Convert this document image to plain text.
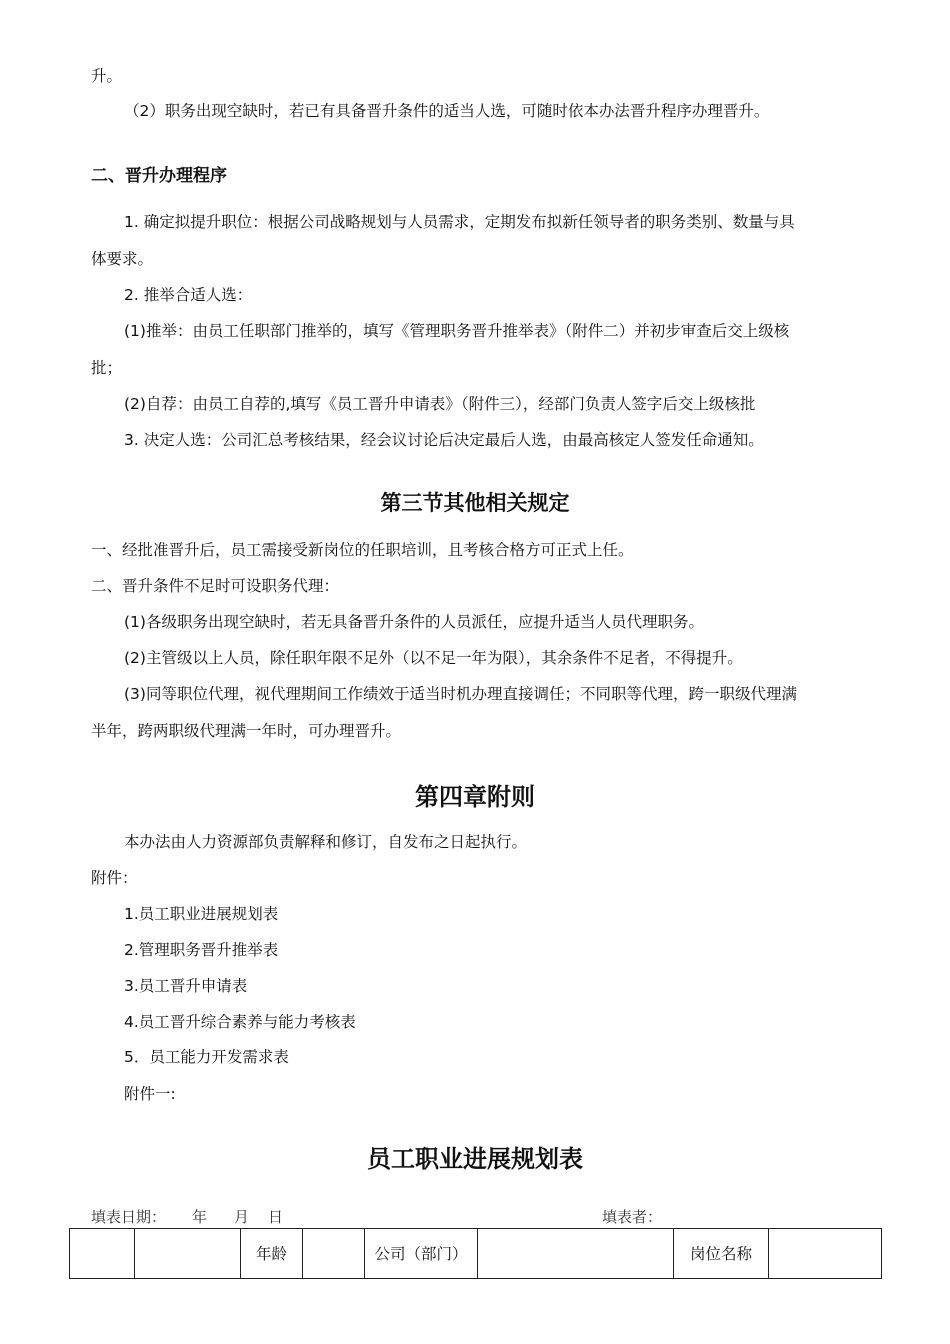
升。
（2）职务出现空缺时，若已有具备晋升条件的适当人选，可随时依本办法晋升程序办理晋升。
二、晋升办理程序
1. 确定拟提升职位：根据公司战略规划与人员需求，定期发布拟新任领导者的职务类别、数量与具
体要求。
2. 推举合适人选：
(1)推举：由员工任职部门推举的，填写《管理职务晋升推举表》（附件二）并初步审查后交上级核
批；
(2)自荐：由员工自荐的,填写《员工晋升申请表》（附件三），经部门负责人签字后交上级核批
3. 决定人选：公司汇总考核结果，经会议讨论后决定最后人选，由最高核定人签发任命通知。
第三节其他相关规定
一、经批准晋升后，员工需接受新岗位的任职培训，且考核合格方可正式上任。
二、晋升条件不足时可设职务代理：
(1)各级职务出现空缺时，若无具备晋升条件的人员派任，应提升适当人员代理职务。
(2)主管级以上人员，除任职年限不足外（以不足一年为限），其余条件不足者，不得提升。
(3)同等职位代理，视代理期间工作绩效于适当时机办理直接调任；不同职等代理，跨一职级代理满
半年，跨两职级代理满一年时，可办理晋升。
第四章附则
本办法由人力资源部负责解释和修订，自发布之日起执行。
附件：
1.员工职业进展规划表
2.管理职务晋升推举表
3.员工晋升申请表
4.员工晋升综合素养与能力考核表
5．员工能力开发需求表
附件一:
员工职业进展规划表
填表日期： 年 月 日	填表者：
		年龄		公司（部门）		岗位名称	
